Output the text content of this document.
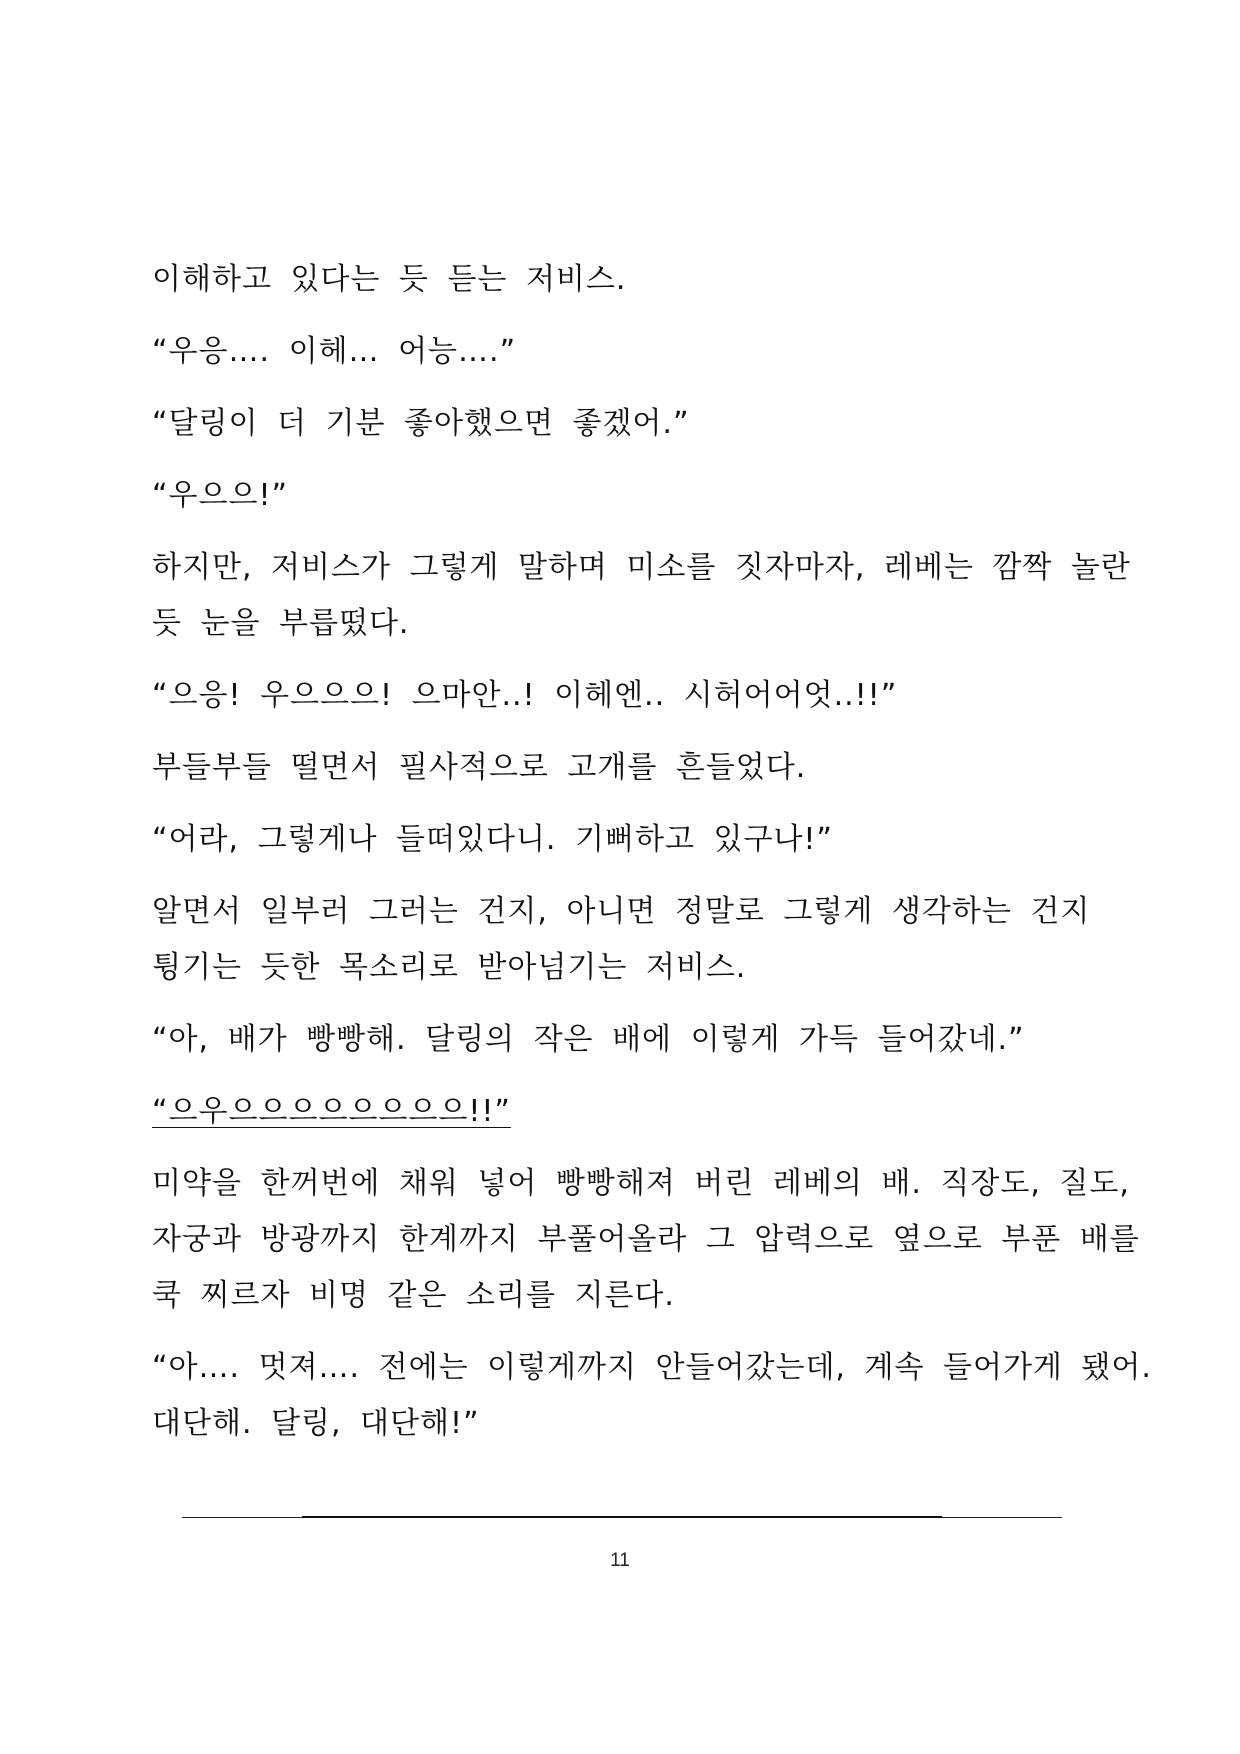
이해하고 있다는 듯 듣는 저비스.

“우응…. 이헤… 어능….”

“달링이 더 기분 좋아했으면 좋겠어.”

“우으으!”

하지만, 저비스가 그렇게 말하며 미소를 짓자마자, 레베는 깜짝 놀란
듯 눈을 부릅떴다.

“으응! 우으으으! 으마안..! 이헤엔.. 시허어어엇..!!”

부들부들 떨면서 필사적으로 고개를 흔들었다.

“어라, 그렇게나 들떠있다니. 기뻐하고 있구나!”

알면서 일부러 그러는 건지, 아니면 정말로 그렇게 생각하는 건지
튕기는 듯한 목소리로 받아넘기는 저비스.

“아, 배가 빵빵해. 달링의 작은 배에 이렇게 가득 들어갔네.”

“으우으으으으으으으으!!”

미약을 한꺼번에 채워 넣어 빵빵해져 버린 레베의 배. 직장도, 질도,
자궁과 방광까지 한계까지 부풀어올라 그 압력으로 옆으로 부푼 배를
쿡 찌르자 비명 같은 소리를 지른다.

“아…. 멋져…. 전에는 이렇게까지 안들어갔는데, 계속 들어가게 됐어.
대단해. 달링, 대단해!”

11
